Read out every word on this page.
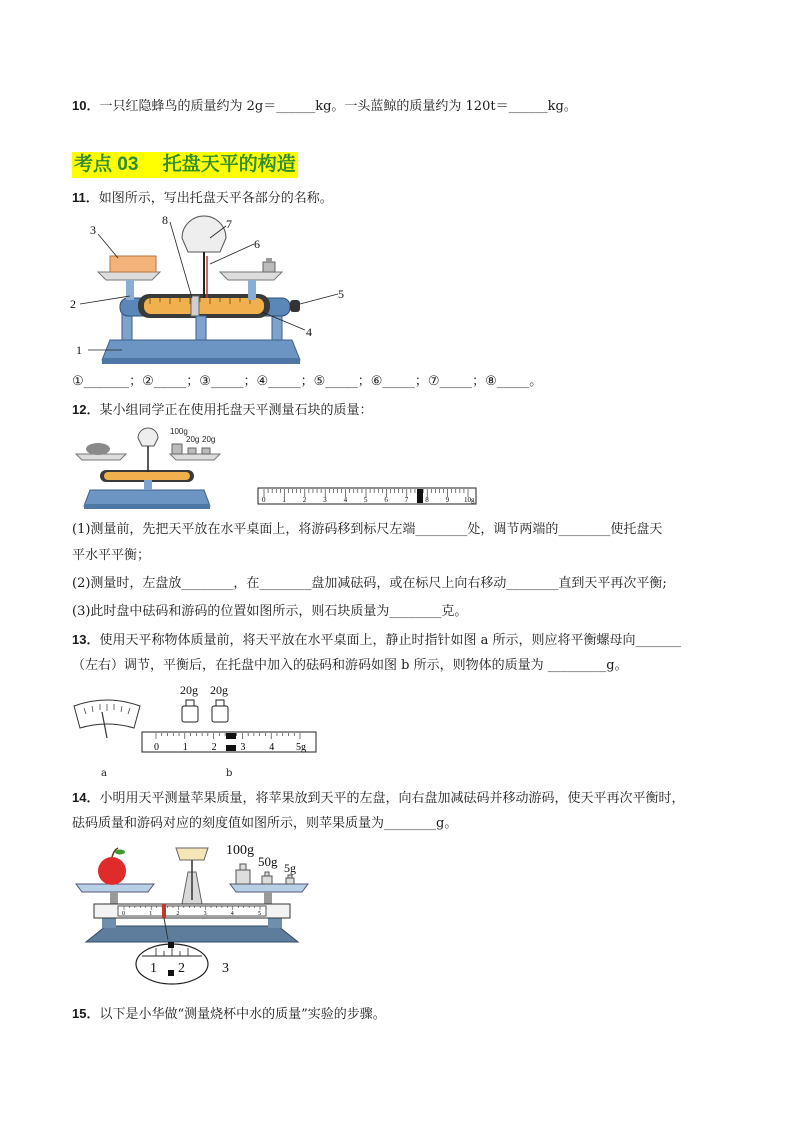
10．一只红隐蜂鸟的质量约为 2g＝______kg。一头蓝鲸的质量约为 120t＝______kg。
考点 03　 托盘天平的构造
11．如图所示，写出托盘天平各部分的名称。
1
2
3
4
5
6
7
8
①_______；②_____；③_____；④_____；⑤_____；⑥_____；⑦_____；⑧_____。
12．某小组同学正在使用托盘天平测量石块的质量：
100g
20g 20g
0 1 2 3 4 5 6 7 8 9 10g
(1)测量前，先把天平放在水平桌面上，将游码移到标尺左端________处，调节两端的________使托盘天
平水平平衡；
(2)测量时，左盘放________，在________盘加减砝码，或在标尺上向右移动________直到天平再次平衡;
(3)此时盘中砝码和游码的位置如图所示，则石块质量为________克。
13．使用天平称物体质量前，将天平放在水平桌面上，静止时指针如图 a 所示，则应将平衡螺母向_______
（左右）调节，平衡后，在托盘中加入的砝码和游码如图 b 所示，则物体的质量为 _________g。
20g 20g
0 1 2 3 4 5g
a	b
14．小明用天平测量苹果质量，将苹果放到天平的左盘，向右盘加减砝码并移动游码，使天平再次平衡时，
砝码质量和游码对应的刻度值如图所示，则苹果质量为________g。
100g
50g 5g
0	1	2	3	4	5
1 2	3
15．以下是小华做“测量烧杯中水的质量”实验的步骤。
